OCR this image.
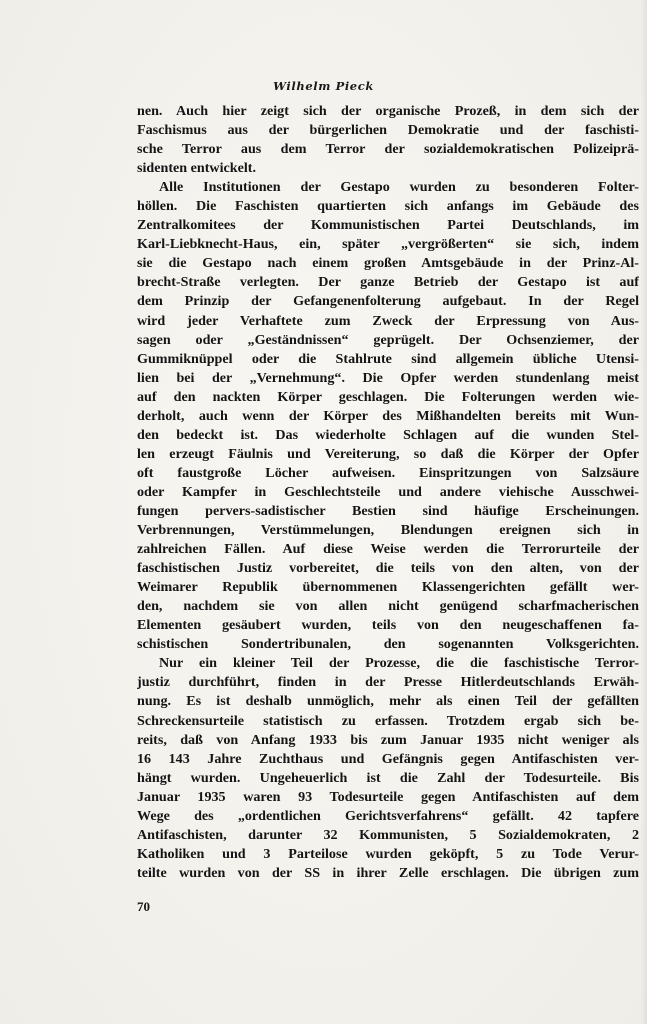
Wilhelm Pieck
nen. Auch hier zeigt sich der organische Prozeß, in dem sich der
Faschismus aus der bürgerlichen Demokratie und der faschisti-
sche Terror aus dem Terror der sozialdemokratischen Polizeiprä-
sidenten entwickelt.
Alle Institutionen der Gestapo wurden zu besonderen Folter-
höllen. Die Faschisten quartierten sich anfangs im Gebäude des
Zentralkomitees der Kommunistischen Partei Deutschlands, im
Karl-Liebknecht-Haus, ein, später „vergrößerten“ sie sich, indem
sie die Gestapo nach einem großen Amtsgebäude in der Prinz-Al-
brecht-Straße verlegten. Der ganze Betrieb der Gestapo ist auf
dem Prinzip der Gefangenenfolterung aufgebaut. In der Regel
wird jeder Verhaftete zum Zweck der Erpressung von Aus-
sagen oder „Geständnissen“ geprügelt. Der Ochsenziemer, der
Gummiknüppel oder die Stahlrute sind allgemein übliche Utensi-
lien bei der „Vernehmung“. Die Opfer werden stundenlang meist
auf den nackten Körper geschlagen. Die Folterungen werden wie-
derholt, auch wenn der Körper des Mißhandelten bereits mit Wun-
den bedeckt ist. Das wiederholte Schlagen auf die wunden Stel-
len erzeugt Fäulnis und Vereiterung, so daß die Körper der Opfer
oft faustgroße Löcher aufweisen. Einspritzungen von Salzsäure
oder Kampfer in Geschlechtsteile und andere viehische Ausschwei-
fungen pervers-sadistischer Bestien sind häufige Erscheinungen.
Verbrennungen, Verstümmelungen, Blendungen ereignen sich in
zahlreichen Fällen. Auf diese Weise werden die Terrorurteile der
faschistischen Justiz vorbereitet, die teils von den alten, von der
Weimarer Republik übernommenen Klassengerichten gefällt wer-
den, nachdem sie von allen nicht genügend scharfmacherischen
Elementen gesäubert wurden, teils von den neugeschaffenen fa-
schistischen Sondertribunalen, den sogenannten Volksgerichten.
Nur ein kleiner Teil der Prozesse, die die faschistische Terror-
justiz durchführt, finden in der Presse Hitlerdeutschlands Erwäh-
nung. Es ist deshalb unmöglich, mehr als einen Teil der gefällten
Schreckensurteile statistisch zu erfassen. Trotzdem ergab sich be-
reits, daß von Anfang 1933 bis zum Januar 1935 nicht weniger als
16 143 Jahre Zuchthaus und Gefängnis gegen Antifaschisten ver-
hängt wurden. Ungeheuerlich ist die Zahl der Todesurteile. Bis
Januar 1935 waren 93 Todesurteile gegen Antifaschisten auf dem
Wege des „ordentlichen Gerichtsverfahrens“ gefällt. 42 tapfere
Antifaschisten, darunter 32 Kommunisten, 5 Sozialdemokraten, 2
Katholiken und 3 Parteilose wurden geköpft, 5 zu Tode Verur-
teilte wurden von der SS in ihrer Zelle erschlagen. Die übrigen zum
70
